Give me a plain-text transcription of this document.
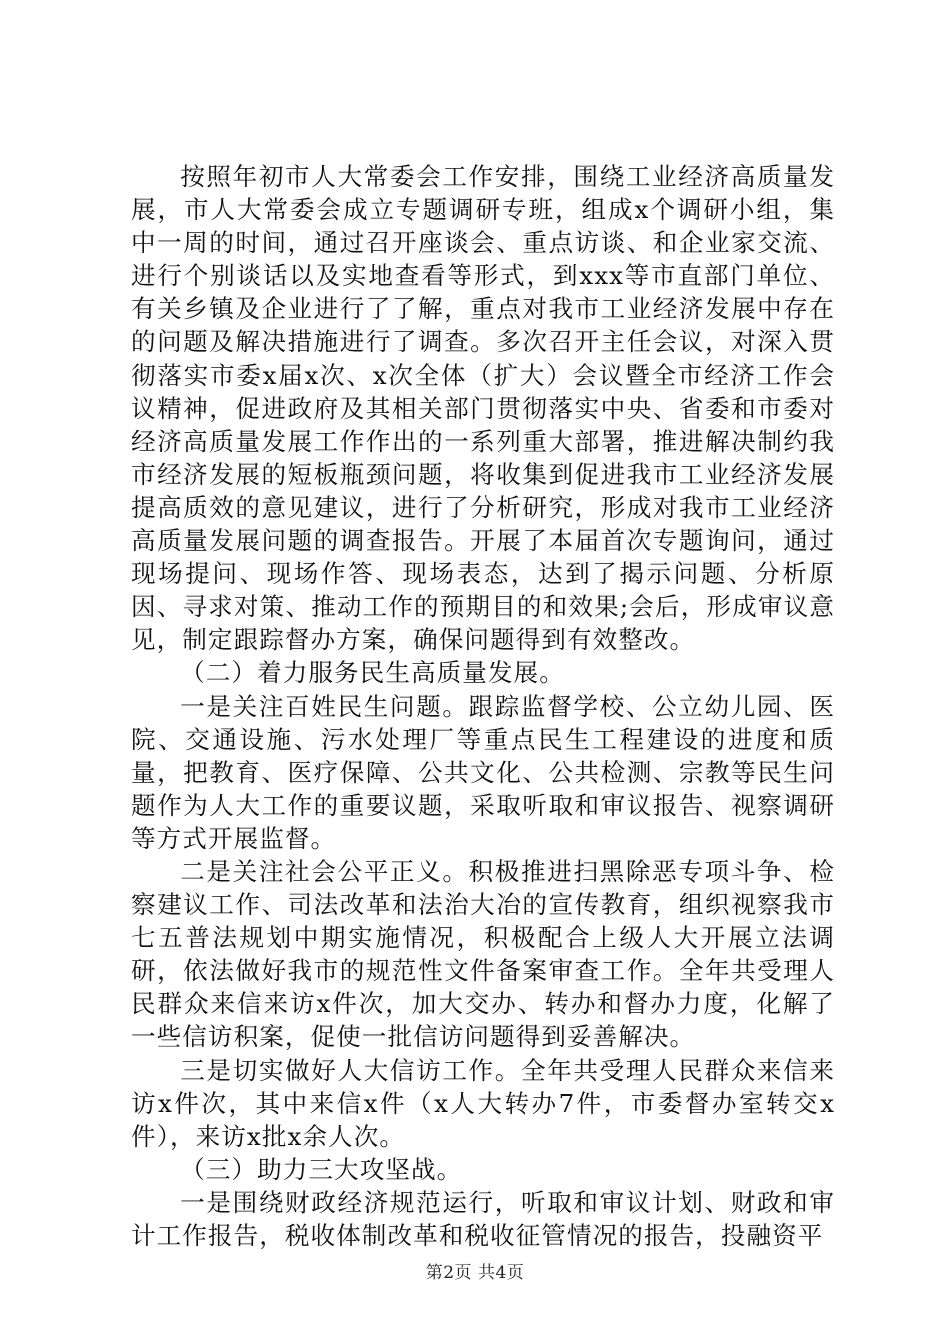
按照年初市人大常委会工作安排，围绕工业经济高质量发展，市人大常委会成立专题调研专班，组成x个调研小组，集中一周的时间，通过召开座谈会、重点访谈、和企业家交流、进行个别谈话以及实地查看等形式，到xxx等市直部门单位、有关乡镇及企业进行了了解，重点对我市工业经济发展中存在的问题及解决措施进行了调查。多次召开主任会议，对深入贯彻落实市委x届x次、x次全体（扩大）会议暨全市经济工作会议精神，促进政府及其相关部门贯彻落实中央、省委和市委对经济高质量发展工作作出的一系列重大部署，推进解决制约我市经济发展的短板瓶颈问题，将收集到促进我市工业经济发展提高质效的意见建议，进行了分析研究，形成对我市工业经济高质量发展问题的调查报告。开展了本届首次专题询问，通过现场提问、现场作答、现场表态，达到了揭示问题、分析原因、寻求对策、推动工作的预期目的和效果;会后，形成审议意见，制定跟踪督办方案，确保问题得到有效整改。

（二）着力服务民生高质量发展。

一是关注百姓民生问题。跟踪监督学校、公立幼儿园、医院、交通设施、污水处理厂等重点民生工程建设的进度和质量，把教育、医疗保障、公共文化、公共检测、宗教等民生问题作为人大工作的重要议题，采取听取和审议报告、视察调研等方式开展监督。

二是关注社会公平正义。积极推进扫黑除恶专项斗争、检察建议工作、司法改革和法治大冶的宣传教育，组织视察我市七五普法规划中期实施情况，积极配合上级人大开展立法调研，依法做好我市的规范性文件备案审查工作。全年共受理人民群众来信来访x件次，加大交办、转办和督办力度，化解了一些信访积案，促使一批信访问题得到妥善解决。

三是切实做好人大信访工作。全年共受理人民群众来信来访x件次，其中来信x件（x人大转办7件，市委督办室转交x件），来访x批x余人次。

（三）助力三大攻坚战。

一是围绕财政经济规范运行，听取和审议计划、财政和审计工作报告，税收体制改革和税收征管情况的报告，投融资平

第2页 共4页
